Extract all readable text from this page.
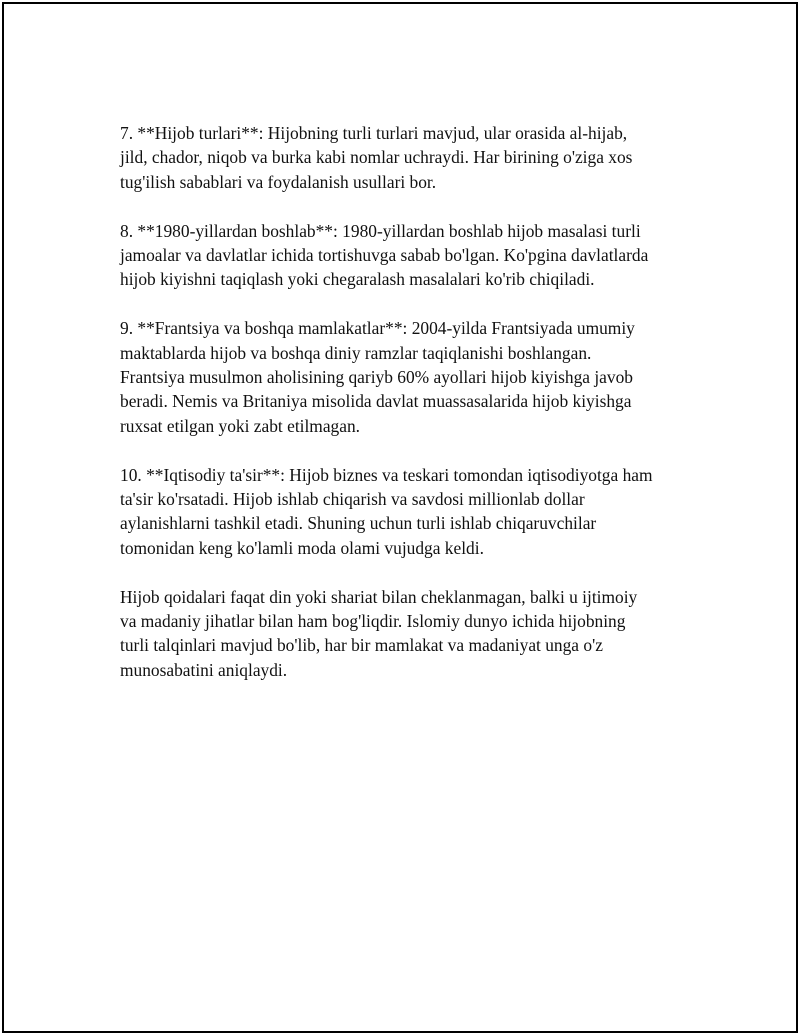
7. **Hijob turlari**: Hijobning turli turlari mavjud, ular orasida al-hijab,
jild, chador, niqob va burka kabi nomlar uchraydi. Har birining o'ziga xos
tug'ilish sabablari va foydalanish usullari bor.

8. **1980-yillardan boshlab**: 1980-yillardan boshlab hijob masalasi turli
jamoalar va davlatlar ichida tortishuvga sabab bo'lgan. Ko'pgina davlatlarda
hijob kiyishni taqiqlash yoki chegaralash masalalari ko'rib chiqiladi.

9. **Frantsiya va boshqa mamlakatlar**: 2004-yilda Frantsiyada umumiy
maktablarda hijob va boshqa diniy ramzlar taqiqlanishi boshlangan.
Frantsiya musulmon aholisining qariyb 60% ayollari hijob kiyishga javob
beradi. Nemis va Britaniya misolida davlat muassasalarida hijob kiyishga
ruxsat etilgan yoki zabt etilmagan.

10. **Iqtisodiy ta'sir**: Hijob biznes va teskari tomondan iqtisodiyotga ham
ta'sir ko'rsatadi. Hijob ishlab chiqarish va savdosi millionlab dollar
aylanishlarni tashkil etadi. Shuning uchun turli ishlab chiqaruvchilar
tomonidan keng ko'lamli moda olami vujudga keldi.

Hijob qoidalari faqat din yoki shariat bilan cheklanmagan, balki u ijtimoiy
va madaniy jihatlar bilan ham bog'liqdir. Islomiy dunyo ichida hijobning
turli talqinlari mavjud bo'lib, har bir mamlakat va madaniyat unga o'z
munosabatini aniqlaydi.
